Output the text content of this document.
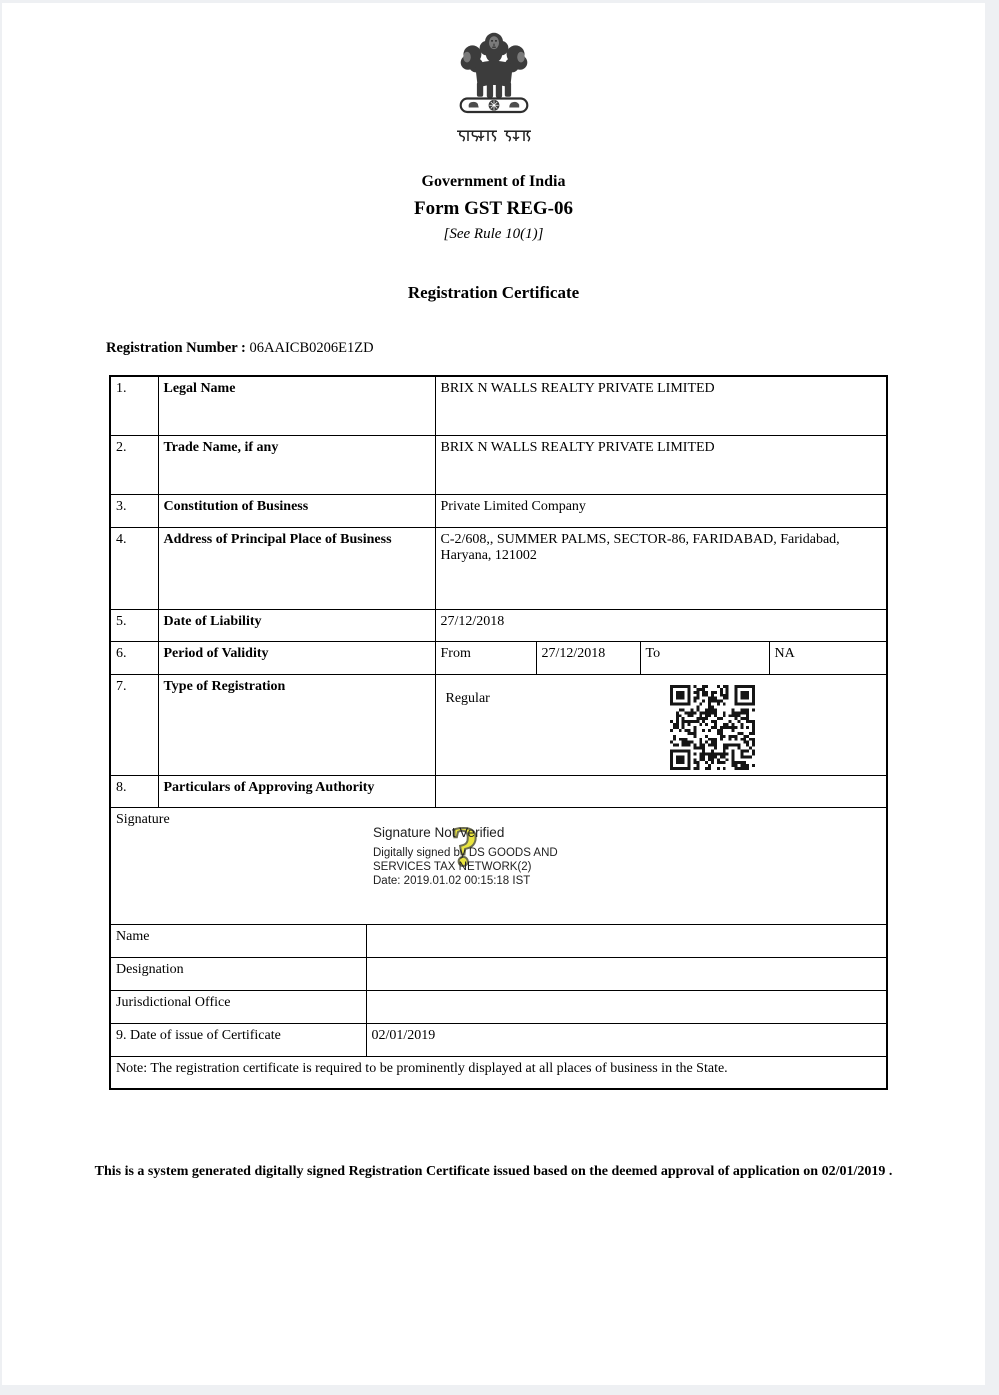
Government of India
Form GST REG-06
[See Rule 10(1)]
Registration Certificate
Registration Number : 06AAICB0206E1ZD
1.	Legal Name		BRIX N WALLS REALTY PRIVATE LIMITED			
2.	Trade Name, if any		BRIX N WALLS REALTY PRIVATE LIMITED			
3.	Constitution of Business		Private Limited Company			
4.	Address of Principal Place of Business		C-2/608,, SUMMER PALMS, SECTOR-86, FARIDABAD, Faridabad, Haryana, 121002			
5.	Date of Liability		27/12/2018			
6.	Period of Validity		From	27/12/2018	To	NA
7.	Type of Registration		Regular			

8.	Particulars of Approving Authority					
Signature	?
Signature Not Verified
Digitally signed by DS GOODS AND
SERVICES TAX NETWORK(2)
Date: 2019.01.02 00:15:18 IST

Name						
Designation						
Jurisdictional Office						
9. Date of issue of Certificate		02/01/2019				
Note: The registration certificate is required to be prominently displayed at all places of business in the State.						
This is a system generated digitally signed Registration Certificate issued based on the deemed approval of application on 02/01/2019 .
